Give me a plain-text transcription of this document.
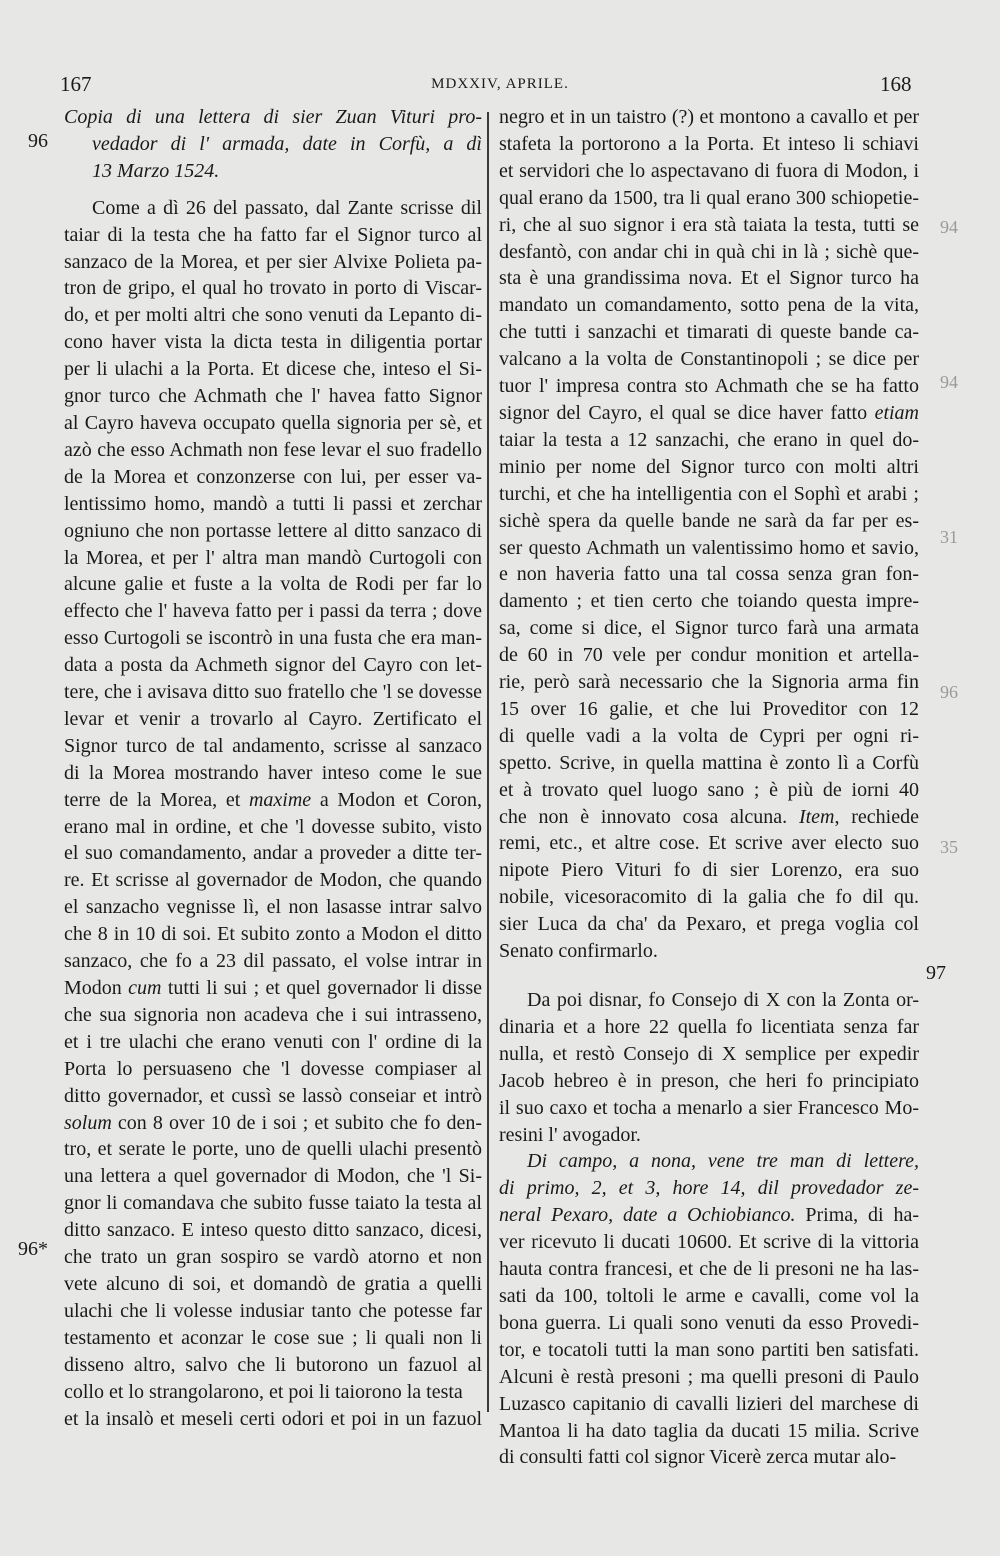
167	MDXXIV, APRILE.	168
96
96*
97
94
94
31
96
35
Copia di una lettera di sier Zuan Vituri pro-
vedador di l' armada, date in Corfù, a dì
13 Marzo 1524.
Come a dì 26 del passato, dal Zante scrisse dil
taiar di la testa che ha fatto far el Signor turco al
sanzaco de la Morea, et per sier Alvixe Polieta pa-
tron de gripo, el qual ho trovato in porto di Viscar-
do, et per molti altri che sono venuti da Lepanto di-
cono haver vista la dicta testa in diligentia portar
per li ulachi a la Porta. Et dicese che, inteso el Si-
gnor turco che Achmath che l' havea fatto Signor
al Cayro haveva occupato quella signoria per sè, et
azò che esso Achmath non fese levar el suo fradello
de la Morea et conzonzerse con lui, per esser va-
lentissimo homo, mandò a tutti li passi et zerchar
ogniuno che non portasse lettere al ditto sanzaco di
la Morea, et per l' altra man mandò Curtogoli con
alcune galie et fuste a la volta de Rodi per far lo
effecto che l' haveva fatto per i passi da terra ; dove
esso Curtogoli se iscontrò in una fusta che era man-
data a posta da Achmeth signor del Cayro con let-
tere, che i avisava ditto suo fratello che 'l se dovesse
levar et venir a trovarlo al Cayro. Zertificato el
Signor turco de tal andamento, scrisse al sanzaco
di la Morea mostrando haver inteso come le sue
terre de la Morea, et maxime a Modon et Coron,
erano mal in ordine, et che 'l dovesse subito, visto
el suo comandamento, andar a proveder a ditte ter-
re. Et scrisse al governador de Modon, che quando
el sanzacho vegnisse lì, el non lasasse intrar salvo
che 8 in 10 di soi. Et subito zonto a Modon el ditto
sanzaco, che fo a 23 dil passato, el volse intrar in
Modon cum tutti li sui ; et quel governador li disse
che sua signoria non acadeva che i sui intrasseno,
et i tre ulachi che erano venuti con l' ordine di la
Porta lo persuaseno che 'l dovesse compiaser al
ditto governador, et cussì se lassò conseiar et intrò
solum con 8 over 10 de i soi ; et subito che fo den-
tro, et serate le porte, uno de quelli ulachi presentò
una lettera a quel governador di Modon, che 'l Si-
gnor li comandava che subito fusse taiato la testa al
ditto sanzaco. E inteso questo ditto sanzaco, dicesi,
che trato un gran sospiro se vardò atorno et non
vete alcuno di soi, et domandò de gratia a quelli
ulachi che li volesse indusiar tanto che potesse far
testamento et aconzar le cose sue ; li quali non li
disseno altro, salvo che li butorono un fazuol al
collo et lo strangolarono, et poi li taiorono la testa
et la insalò et meseli certi odori et poi in un fazuol
negro et in un taistro (?) et montono a cavallo et per
stafeta la portorono a la Porta. Et inteso li schiavi
et servidori che lo aspectavano di fuora di Modon, i
qual erano da 1500, tra li qual erano 300 schiopetie-
ri, che al suo signor i era stà taiata la testa, tutti se
desfantò, con andar chi in quà chi in là ; sichè que-
sta è una grandissima nova. Et el Signor turco ha
mandato un comandamento, sotto pena de la vita,
che tutti i sanzachi et timarati di queste bande ca-
valcano a la volta de Constantinopoli ; se dice per
tuor l' impresa contra sto Achmath che se ha fatto
signor del Cayro, el qual se dice haver fatto etiam
taiar la testa a 12 sanzachi, che erano in quel do-
minio per nome del Signor turco con molti altri
turchi, et che ha intelligentia con el Sophì et arabi ;
sichè spera da quelle bande ne sarà da far per es-
ser questo Achmath un valentissimo homo et savio,
e non haveria fatto una tal cossa senza gran fon-
damento ; et tien certo che toiando questa impre-
sa, come si dice, el Signor turco farà una armata
de 60 in 70 vele per condur monition et artella-
rie, però sarà necessario che la Signoria arma fin
15 over 16 galie, et che lui Proveditor con 12
di quelle vadi a la volta de Cypri per ogni ri-
spetto. Scrive, in quella mattina è zonto lì a Corfù
et à trovato quel luogo sano ; è più de iorni 40
che non è innovato cosa alcuna. Item, rechiede
remi, etc., et altre cose. Et scrive aver electo suo
nipote Piero Vituri fo di sier Lorenzo, era suo
nobile, vicesoracomito di la galia che fo dil qu.
sier Luca da cha' da Pexaro, et prega voglia col
Senato confirmarlo.
Da poi disnar, fo Consejo di X con la Zonta or-
dinaria et a hore 22 quella fo licentiata senza far
nulla, et restò Consejo di X semplice per expedir
Jacob hebreo è in preson, che heri fo principiato
il suo caxo et tocha a menarlo a sier Francesco Mo-
resini l' avogador.
Di campo, a nona, vene tre man di lettere,
di primo, 2, et 3, hore 14, dil provedador ze-
neral Pexaro, date a Ochiobianco. Prima, di ha-
ver ricevuto li ducati 10600. Et scrive di la vittoria
hauta contra francesi, et che de li presoni ne ha las-
sati da 100, toltoli le arme e cavalli, come vol la
bona guerra. Li quali sono venuti da esso Provedi-
tor, e tocatoli tutti la man sono partiti ben satisfati.
Alcuni è restà presoni ; ma quelli presoni di Paulo
Luzasco capitanio di cavalli lizieri del marchese di
Mantoa li ha dato taglia da ducati 15 milia. Scrive
di consulti fatti col signor Vicerè zerca mutar alo-
